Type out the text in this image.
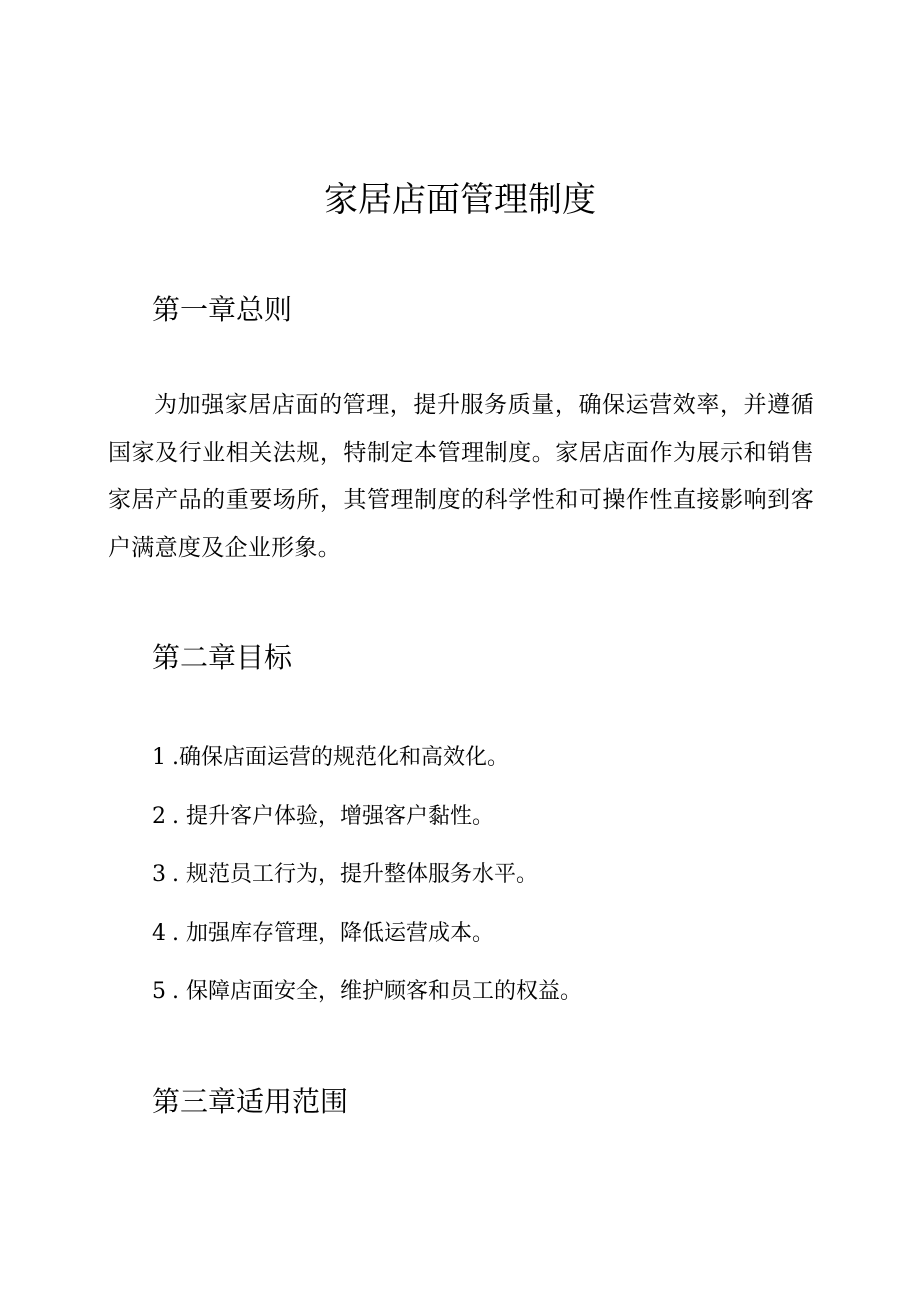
家居店面管理制度
第一章总则

为加强家居店面的管理，提升服务质量，确保运营效率，并遵循国家及行业相关法规，特制定本管理制度。家居店面作为展示和销售家居产品的重要场所，其管理制度的科学性和可操作性直接影响到客户满意度及企业形象。

第二章目标
1 .确保店面运营的规范化和高效化。
2 . 提升客户体验，增强客户黏性。
3 . 规范员工行为，提升整体服务水平。
4 . 加强库存管理，降低运营成本。
5 . 保障店面安全，维护顾客和员工的权益。
第三章适用范围
